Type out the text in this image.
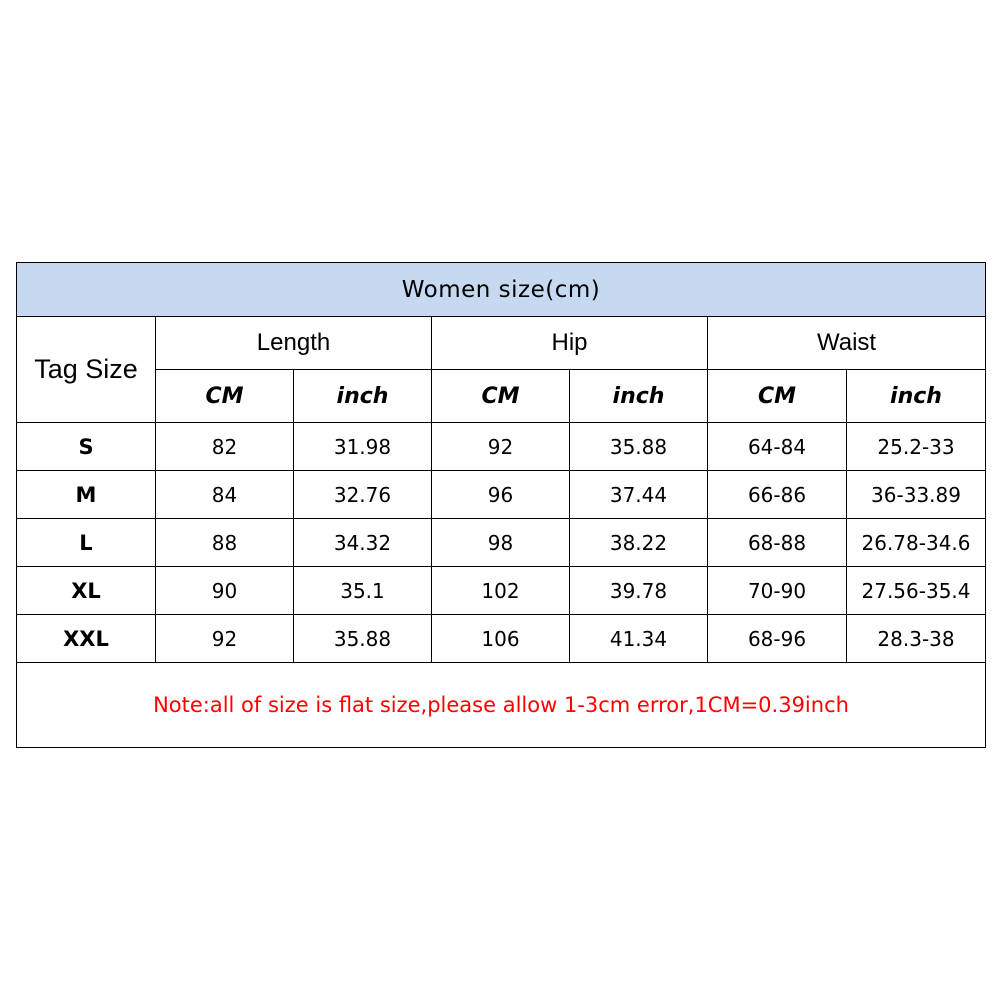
Women size(cm)						
Tag Size	Length		Hip		Waist	
	CM	inch	CM	inch	CM	inch
S	82	31.98	92	35.88	64-84	25.2-33
M	84	32.76	96	37.44	66-86	36-33.89
L	88	34.32	98	38.22	68-88	26.78-34.6
XL	90	35.1	102	39.78	70-90	27.56-35.4
XXL	92	35.88	106	41.34	68-96	28.3-38
Note:all of size is flat size,please allow 1-3cm error,1CM=0.39inch						
